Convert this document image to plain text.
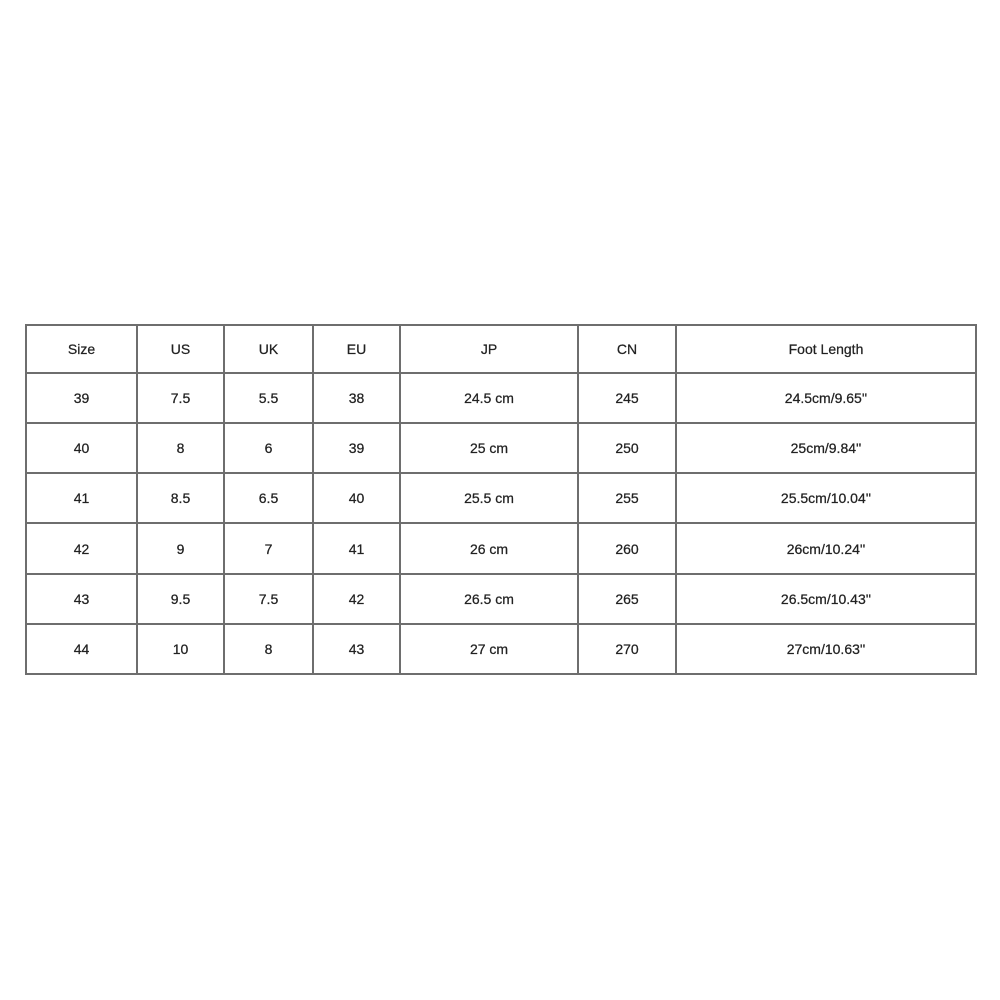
Size	US	UK	EU	JP	CN	Foot Length
39	7.5	5.5	38	24.5 cm	245	24.5cm/9.65''
40	8	6	39	25 cm	250	25cm/9.84''
41	8.5	6.5	40	25.5 cm	255	25.5cm/10.04''
42	9	7	41	26 cm	260	26cm/10.24''
43	9.5	7.5	42	26.5 cm	265	26.5cm/10.43''
44	10	8	43	27 cm	270	27cm/10.63''
